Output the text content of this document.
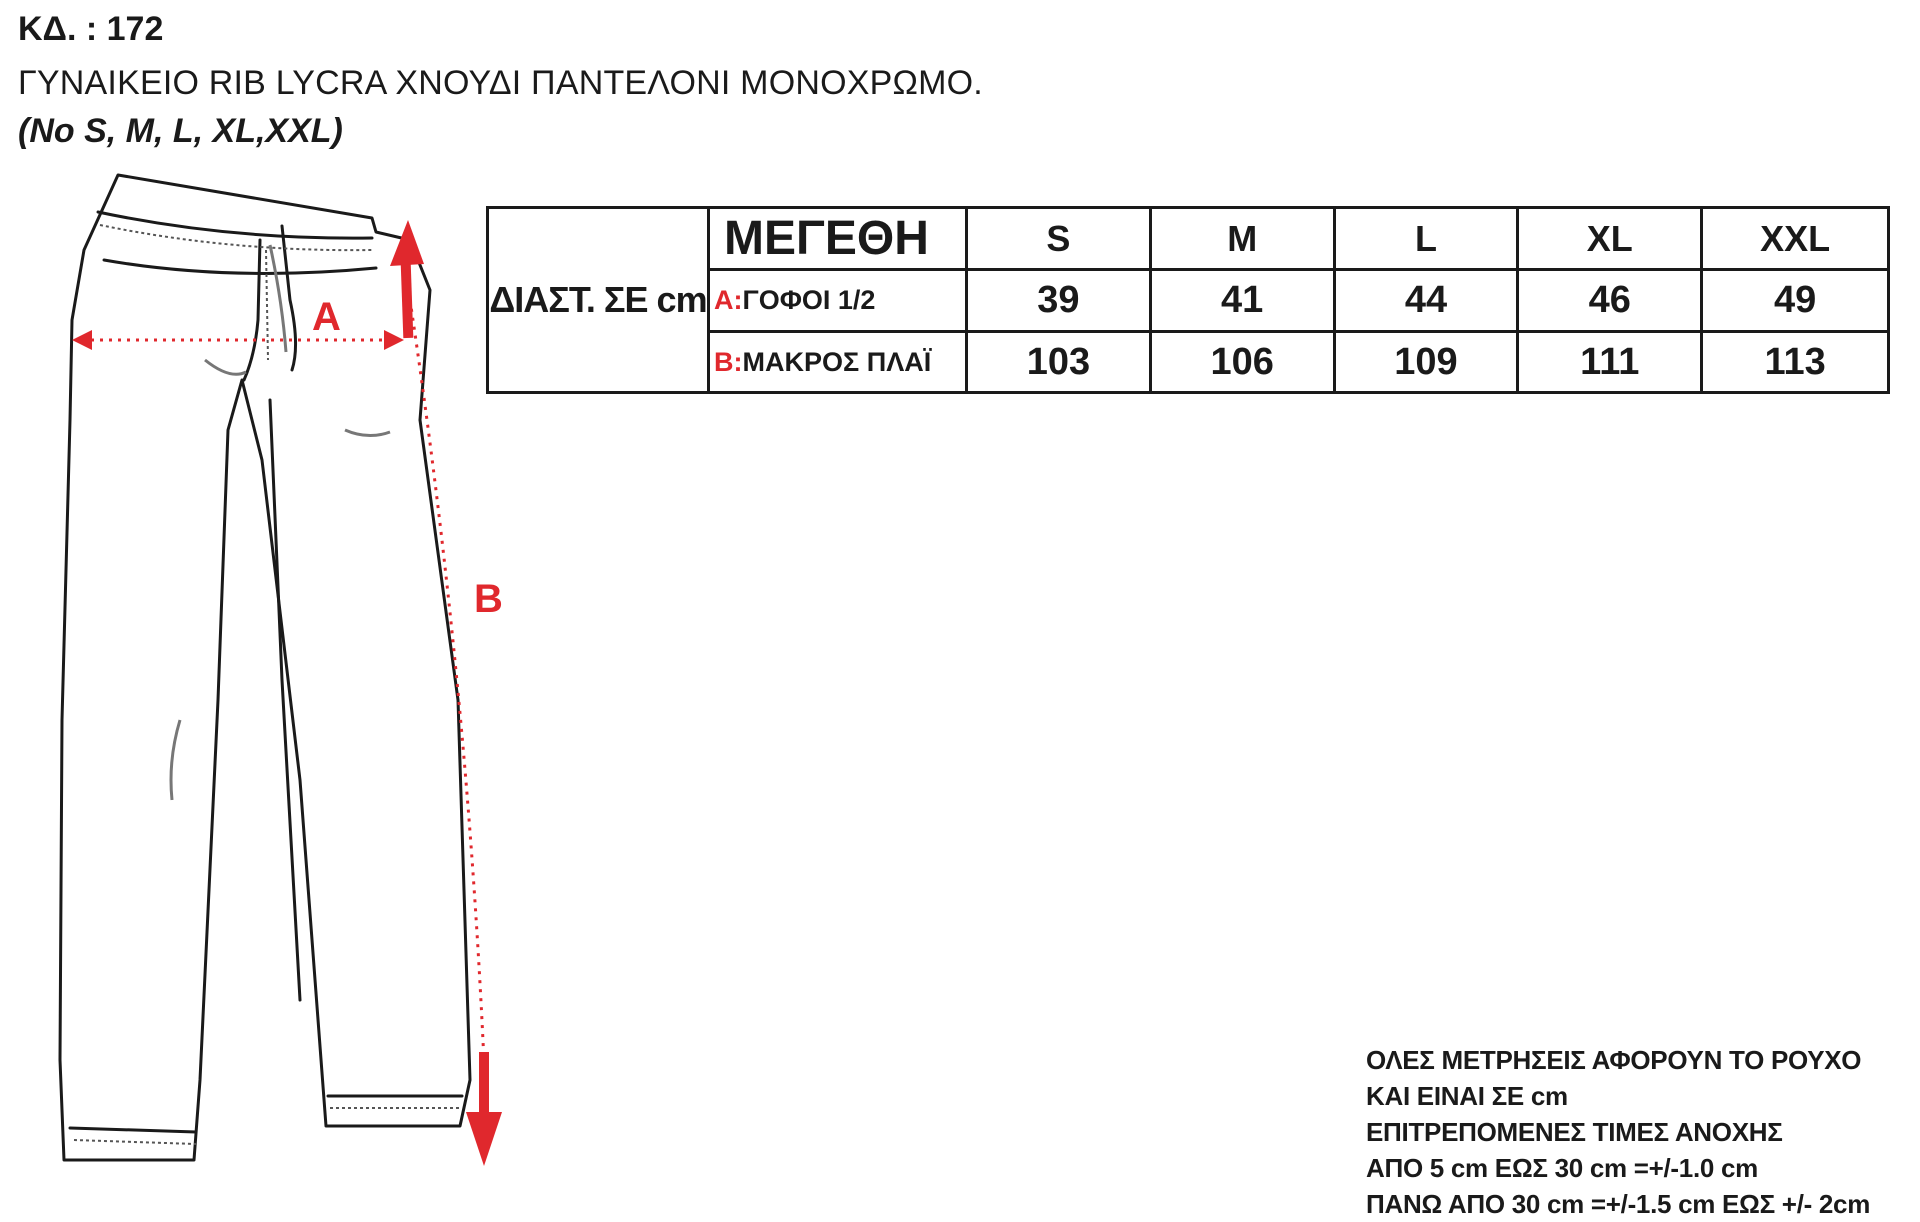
ΚΔ. : 172
ΓΥΝΑΙΚΕΙΟ RIB LYCRA ΧΝΟΥΔΙ ΠΑΝΤΕΛΟΝΙ ΜΟΝΟΧΡΩΜΟ.
(No S, M, L, XL,XXL)
A
B
ΔΙΑΣΤ. ΣΕ cm
ΜΕΓΕΘΗ	S	M	L	XL	XXL
A: ΓΟΦΟΙ 1/2	39	41	44	46	49
B: ΜΑΚΡΟΣ ΠΛΑΪ	103	106	109	111	113
ΟΛΕΣ ΜΕΤΡΗΣΕΙΣ ΑΦΟΡΟΥΝ ΤΟ ΡΟΥΧΟ
ΚΑΙ ΕΙΝΑΙ ΣΕ cm
ΕΠΙΤΡΕΠΟΜΕΝΕΣ ΤΙΜΕΣ ΑΝΟΧΗΣ
ΑΠΟ 5 cm ΕΩΣ 30 cm =+/-1.0 cm
ΠΑΝΩ ΑΠΟ 30 cm =+/-1.5 cm ΕΩΣ +/- 2cm
